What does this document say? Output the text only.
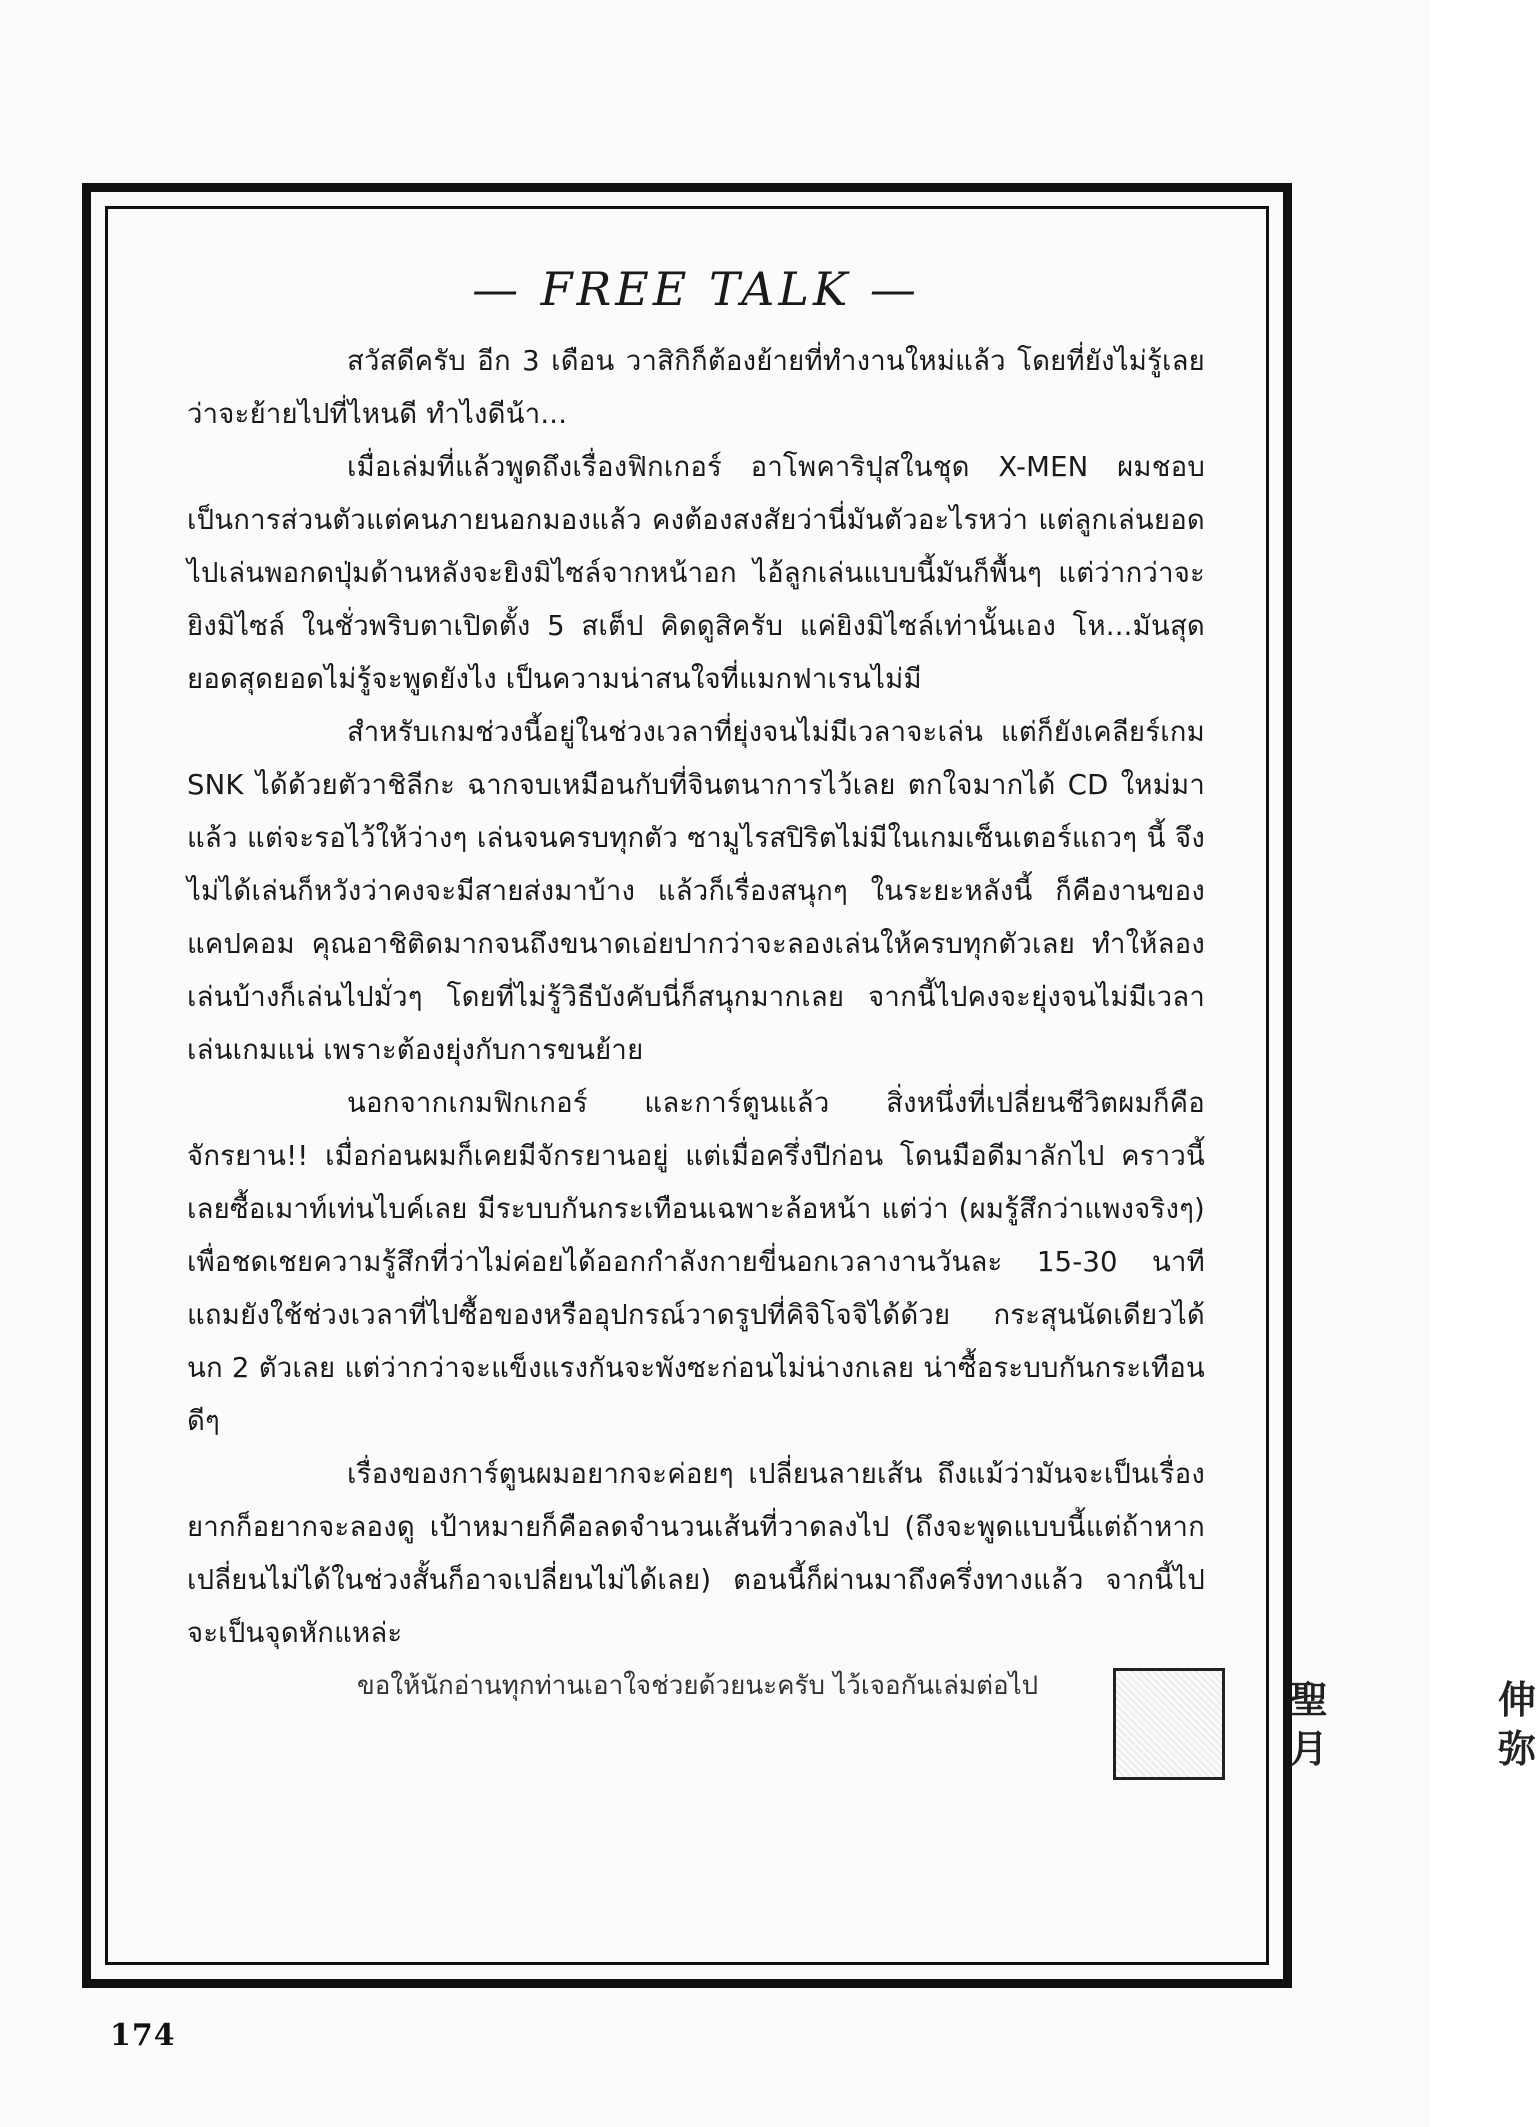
— FREE TALK —

สวัสดีครับ อีก 3 เดือน วาสิกิก็ต้องย้ายที่ทำงานใหม่แล้ว โดยที่ยังไม่รู้เลยว่าจะย้ายไปที่ไหนดี ทำไงดีน้า...

เมื่อเล่มที่แล้วพูดถึงเรื่องฟิกเกอร์ อาโพคาริปุสในชุด X-MEN ผมชอบเป็นการส่วนตัวแต่คนภายนอกมองแล้ว คงต้องสงสัยว่านี่มันตัวอะไรหว่า แต่ลูกเล่นยอดไปเล่นพอกดปุ่มด้านหลังจะยิงมิไซล์จากหน้าอก ไอ้ลูกเล่นแบบนี้มันก็พื้นๆ แต่ว่ากว่าจะยิงมิไซล์ ในชั่วพริบตาเปิดตั้ง 5 สเต็ป คิดดูสิครับ แค่ยิงมิไซล์เท่านั้นเอง โห...มันสุดยอดสุดยอดไม่รู้จะพูดยังไง เป็นความน่าสนใจที่แมกฟาเรนไม่มี

สำหรับเกมช่วงนี้อยู่ในช่วงเวลาที่ยุ่งจนไม่มีเวลาจะเล่น แต่ก็ยังเคลียร์เกม SNK ได้ด้วยตัวาชิลีกะ ฉากจบเหมือนกับที่จินตนาการไว้เลย ตกใจมากได้ CD ใหม่มาแล้ว แต่จะรอไว้ให้ว่างๆ เล่นจนครบทุกตัว ซามูไรสปิริตไม่มีในเกมเซ็นเตอร์แถวๆ นี้ จึงไม่ได้เล่นก็หวังว่าคงจะมีสายส่งมาบ้าง แล้วก็เรื่องสนุกๆ ในระยะหลังนี้ ก็คืองานของแคปคอม คุณอาชิติดมากจนถึงขนาดเอ่ยปากว่าจะลองเล่นให้ครบทุกตัวเลย ทำให้ลองเล่นบ้างก็เล่นไปมั่วๆ โดยที่ไม่รู้วิธีบังคับนี่ก็สนุกมากเลย จากนี้ไปคงจะยุ่งจนไม่มีเวลาเล่นเกมแน่ เพราะต้องยุ่งกับการขนย้าย

นอกจากเกมฟิกเกอร์ และการ์ตูนแล้ว สิ่งหนึ่งที่เปลี่ยนชีวิตผมก็คือจักรยาน!! เมื่อก่อนผมก็เคยมีจักรยานอยู่ แต่เมื่อครึ่งปีก่อน โดนมือดีมาลักไป คราวนี้เลยซื้อเมาท์เท่นไบค์เลย มีระบบกันกระเทือนเฉพาะล้อหน้า แต่ว่า (ผมรู้สึกว่าแพงจริงๆ) เพื่อชดเชยความรู้สึกที่ว่าไม่ค่อยได้ออกกำลังกายขี่นอกเวลางานวันละ 15-30 นาที แถมยังใช้ช่วงเวลาที่ไปซื้อของหรืออุปกรณ์วาดรูปที่คิจิโจจิได้ด้วย กระสุนนัดเดียวได้นก 2 ตัวเลย แต่ว่ากว่าจะแข็งแรงกันจะพังซะก่อนไม่น่างกเลย น่าซื้อระบบกันกระเทือนดีๆ

เรื่องของการ์ตูนผมอยากจะค่อยๆ เปลี่ยนลายเส้น ถึงแม้ว่ามันจะเป็นเรื่องยากก็อยากจะลองดู เป้าหมายก็คือลดจำนวนเส้นที่วาดลงไป (ถึงจะพูดแบบนี้แต่ถ้าหากเปลี่ยนไม่ได้ในช่วงสั้นก็อาจเปลี่ยนไม่ได้เลย) ตอนนี้ก็ผ่านมาถึงครึ่งทางแล้ว จากนี้ไปจะเป็นจุดหักแหล่ะ

ขอให้นักอ่านทุกท่านเอาใจช่วยด้วยนะครับ ไว้เจอกันเล่มต่อไป	聖	伸
月	弥
174
